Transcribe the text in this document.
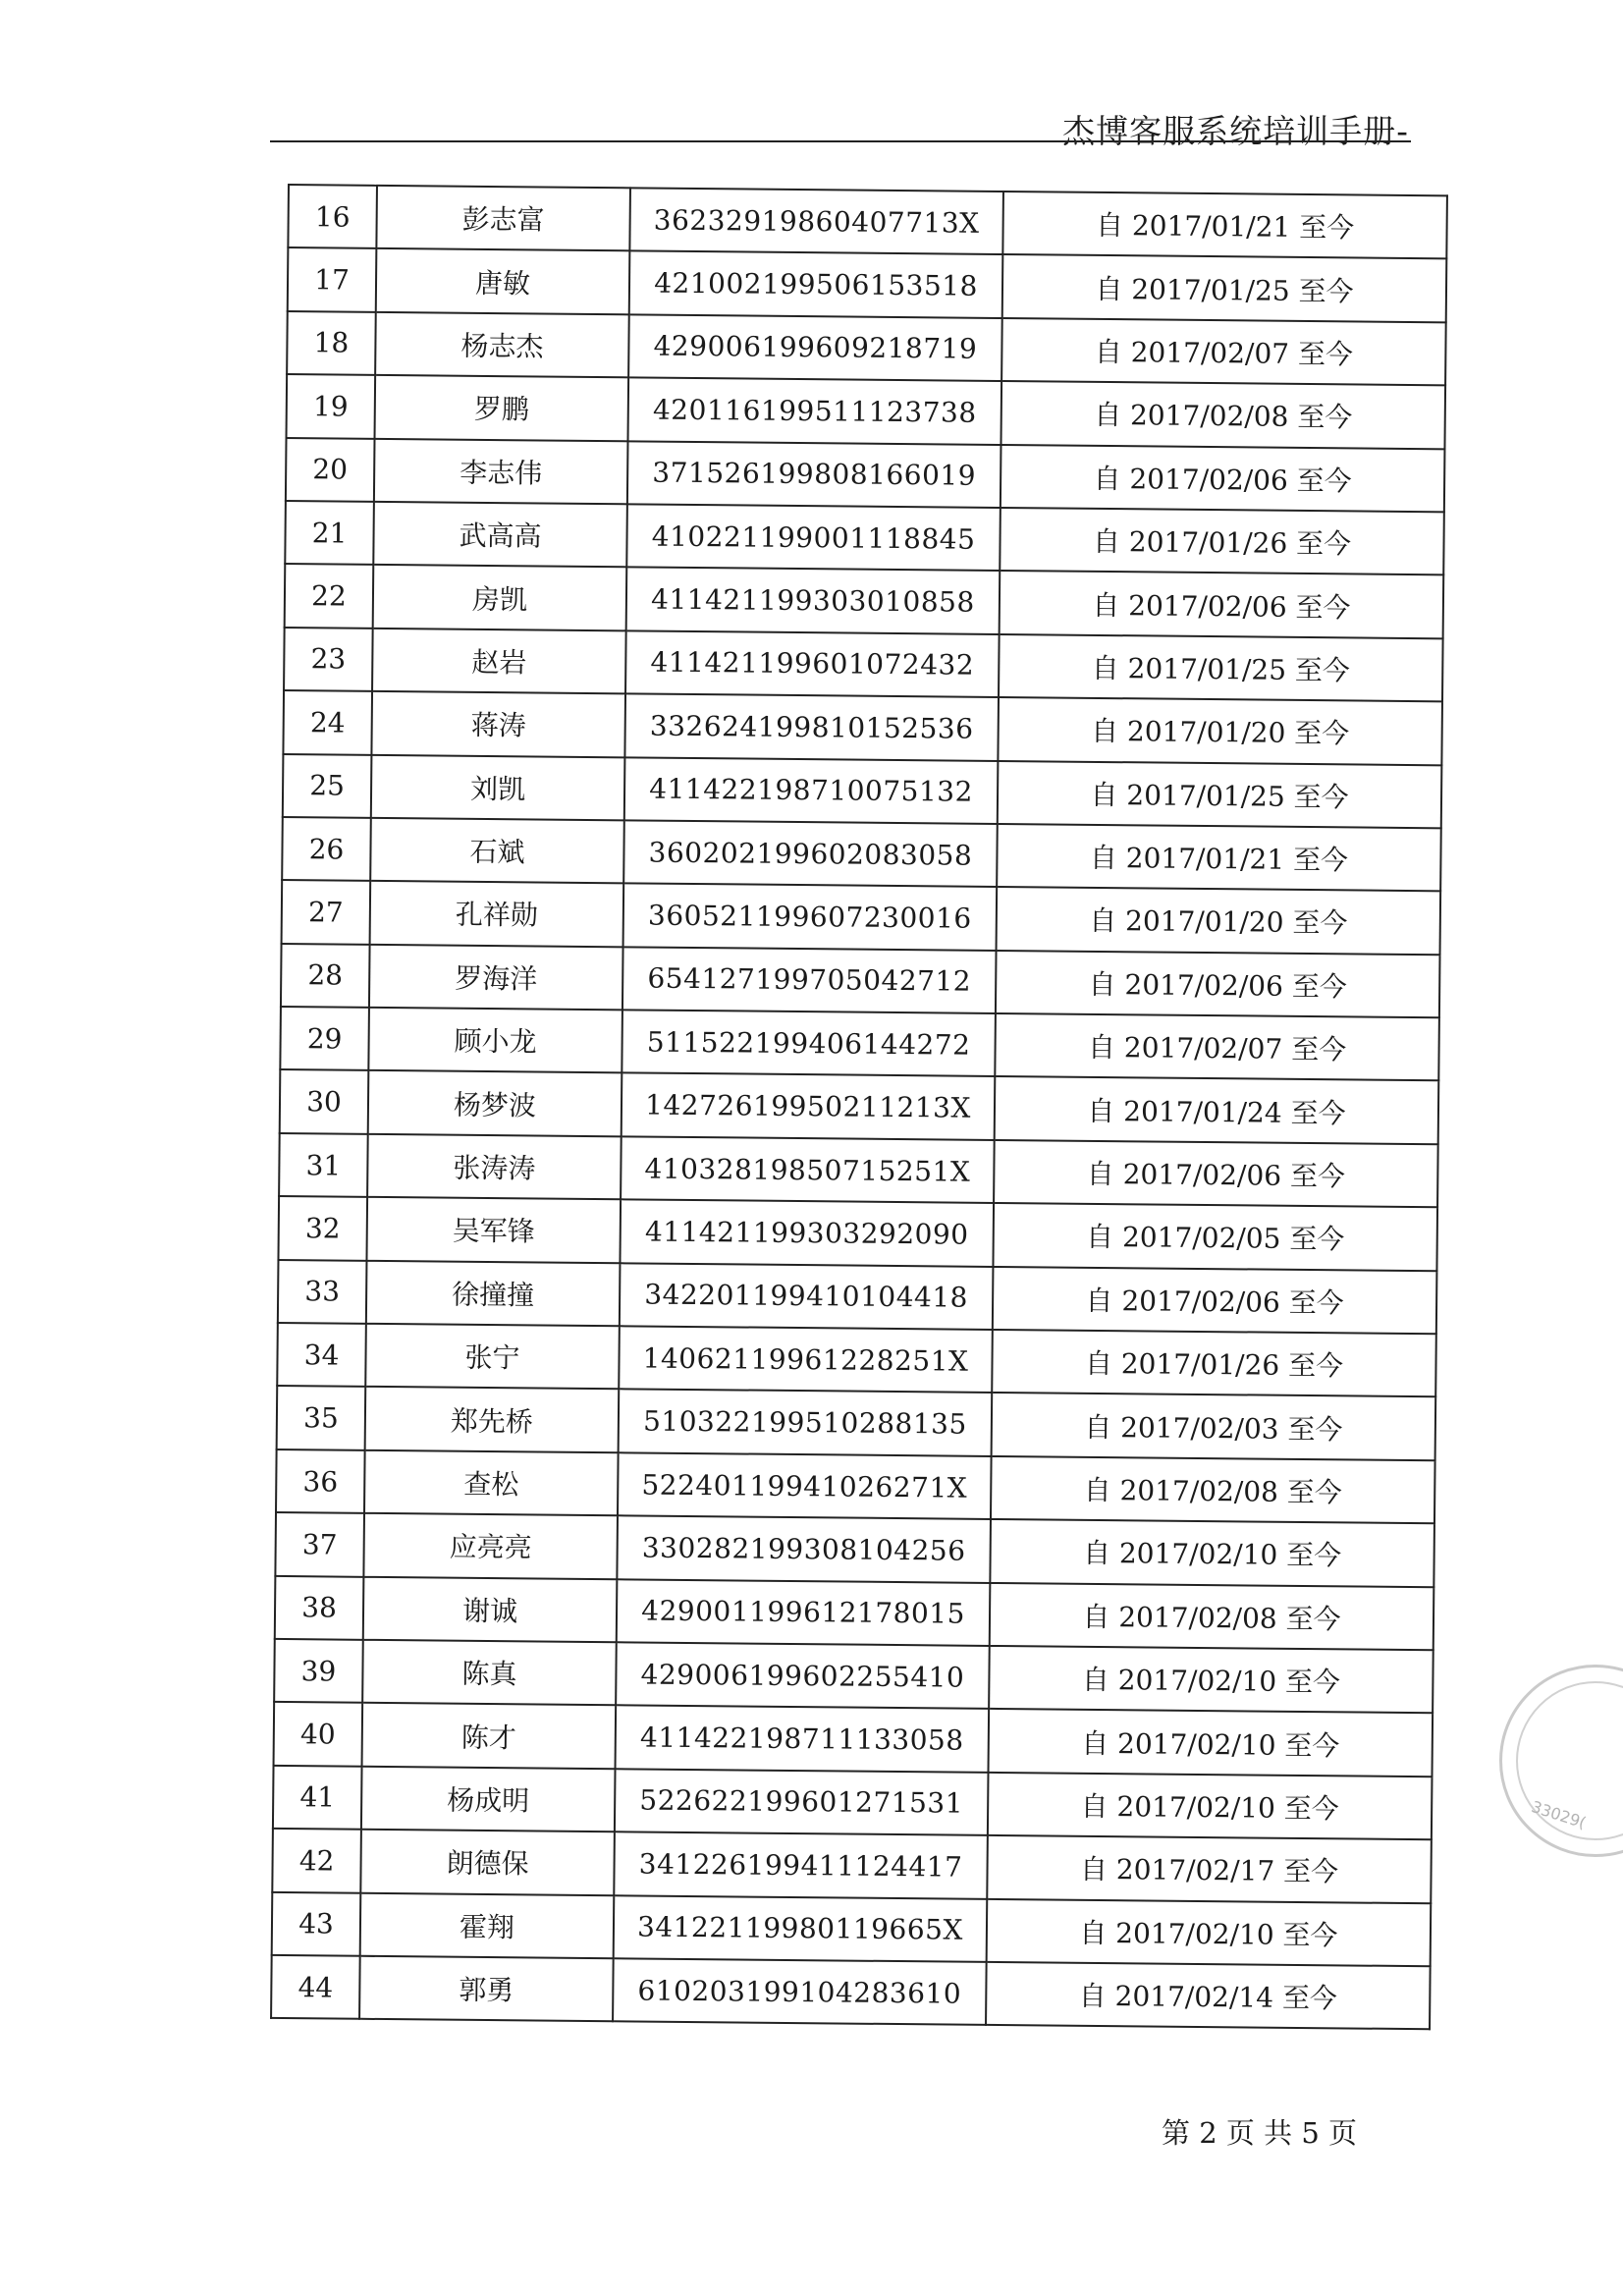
杰博客服系统培训手册-
16	彭志富	36232919860407713X	自 2017/01/21 至今
17	唐敏	421002199506153518	自 2017/01/25 至今
18	杨志杰	429006199609218719	自 2017/02/07 至今
19	罗鹏	420116199511123738	自 2017/02/08 至今
20	李志伟	371526199808166019	自 2017/02/06 至今
21	武高高	410221199001118845	自 2017/01/26 至今
22	房凯	411421199303010858	自 2017/02/06 至今
23	赵岩	411421199601072432	自 2017/01/25 至今
24	蒋涛	332624199810152536	自 2017/01/20 至今
25	刘凯	411422198710075132	自 2017/01/25 至今
26	石斌	360202199602083058	自 2017/01/21 至今
27	孔祥勋	360521199607230016	自 2017/01/20 至今
28	罗海洋	654127199705042712	自 2017/02/06 至今
29	顾小龙	511522199406144272	自 2017/02/07 至今
30	杨梦波	14272619950211213X	自 2017/01/24 至今
31	张涛涛	41032819850715251X	自 2017/02/06 至今
32	吴军锋	411421199303292090	自 2017/02/05 至今
33	徐撞撞	342201199410104418	自 2017/02/06 至今
34	张宁	14062119961228251X	自 2017/01/26 至今
35	郑先桥	510322199510288135	自 2017/02/03 至今
36	查松	52240119941026271X	自 2017/02/08 至今
37	应亮亮	330282199308104256	自 2017/02/10 至今
38	谢诚	429001199612178015	自 2017/02/08 至今
39	陈真	429006199602255410	自 2017/02/10 至今
40	陈才	411422198711133058	自 2017/02/10 至今
41	杨成明	522622199601271531	自 2017/02/10 至今
42	朗德保	341226199411124417	自 2017/02/17 至今
43	霍翔	34122119980119665X	自 2017/02/10 至今
44	郭勇	610203199104283610	自 2017/02/14 至今
第 2 页 共 5 页
33029(
